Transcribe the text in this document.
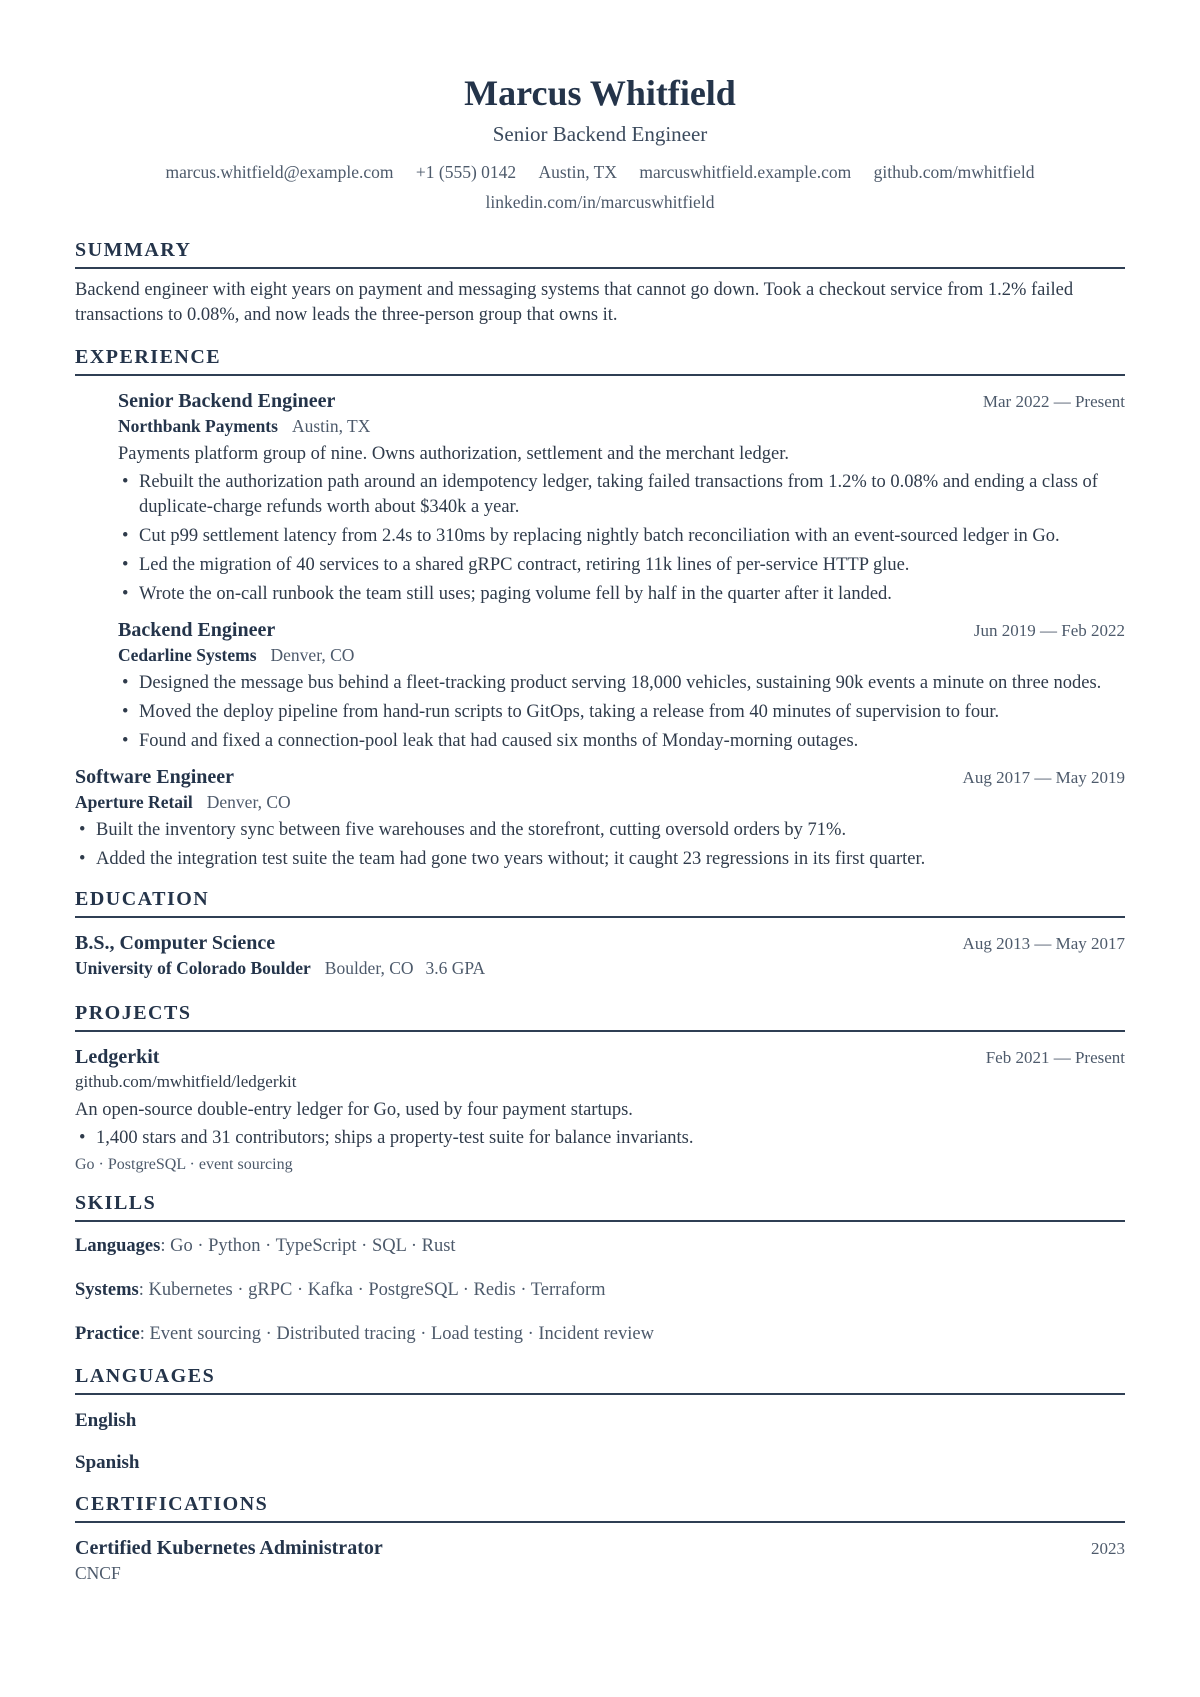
Marcus Whitfield
Senior Backend Engineer
marcus.whitfield@example.com +1 (555) 0142 Austin, TX marcuswhitfield.example.com github.com/mwhitfield linkedin.com/in/marcuswhitfield
SUMMARY
Backend engineer with eight years on payment and messaging systems that cannot go down. Took a checkout service from 1.2% failed transactions to 0.08%, and now leads the three-person group that owns it.
EXPERIENCE
Senior Backend Engineer	Mar 2022 — Present
Northbank Payments Austin, TX
Payments platform group of nine. Owns authorization, settlement and the merchant ledger.
• Rebuilt the authorization path around an idempotency ledger, taking failed transactions from 1.2% to 0.08% and ending a class of duplicate-charge refunds worth about $340k a year.
• Cut p99 settlement latency from 2.4s to 310ms by replacing nightly batch reconciliation with an event-sourced ledger in Go.
• Led the migration of 40 services to a shared gRPC contract, retiring 11k lines of per-service HTTP glue.
• Wrote the on-call runbook the team still uses; paging volume fell by half in the quarter after it landed.
Backend Engineer	Jun 2019 — Feb 2022
Cedarline Systems Denver, CO
• Designed the message bus behind a fleet-tracking product serving 18,000 vehicles, sustaining 90k events a minute on three nodes.
• Moved the deploy pipeline from hand-run scripts to GitOps, taking a release from 40 minutes of supervision to four.
• Found and fixed a connection-pool leak that had caused six months of Monday-morning outages.
Software Engineer	Aug 2017 — May 2019
Aperture Retail Denver, CO
• Built the inventory sync between five warehouses and the storefront, cutting oversold orders by 71%.
• Added the integration test suite the team had gone two years without; it caught 23 regressions in its first quarter.
EDUCATION
B.S., Computer Science	Aug 2013 — May 2017
University of Colorado Boulder Boulder, CO 3.6 GPA
PROJECTS
Ledgerkit	Feb 2021 — Present
github.com/mwhitfield/ledgerkit
An open-source double-entry ledger for Go, used by four payment startups.
• 1,400 stars and 31 contributors; ships a property-test suite for balance invariants.
Go · PostgreSQL · event sourcing
SKILLS
Languages: Go · Python · TypeScript · SQL · Rust
Systems: Kubernetes · gRPC · Kafka · PostgreSQL · Redis · Terraform
Practice: Event sourcing · Distributed tracing · Load testing · Incident review
LANGUAGES
English
Spanish
CERTIFICATIONS
Certified Kubernetes Administrator	2023
CNCF
